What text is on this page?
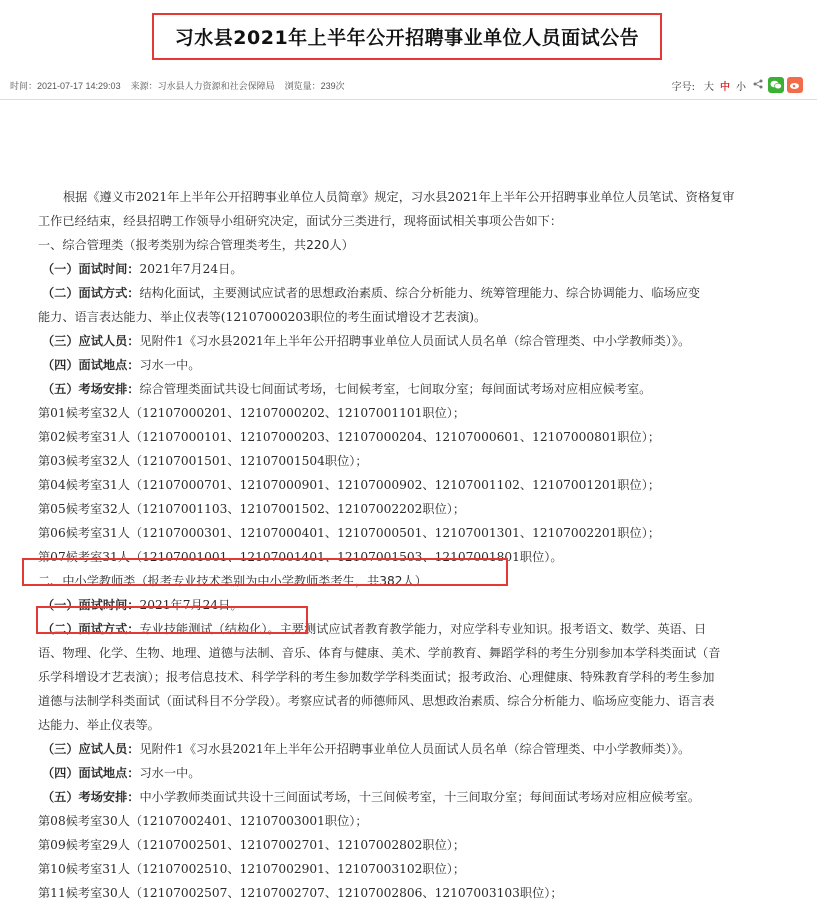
习水县2021年上半年公开招聘事业单位人员面试公告
时间：2021-07-17 14:29:03 来源：习水县人力资源和社会保障局 浏览量：239次	字号: 大 中 小
根据《遵义市2021年上半年公开招聘事业单位人员简章》规定，习水县2021年上半年公开招聘事业单位人员笔试、资格复审
工作已经结束，经县招聘工作领导小组研究决定，面试分三类进行，现将面试相关事项公告如下：
一、综合管理类（报考类别为综合管理类考生，共220人）
（一）面试时间：2021年7月24日。
（二）面试方式：结构化面试，主要测试应试者的思想政治素质、综合分析能力、统筹管理能力、综合协调能力、临场应变
能力、语言表达能力、举止仪表等(12107000203职位的考生面试增设才艺表演)。
（三）应试人员：见附件1《习水县2021年上半年公开招聘事业单位人员面试人员名单（综合管理类、中小学教师类）》。
（四）面试地点：习水一中。
（五）考场安排：综合管理类面试共设七间面试考场，七间候考室，七间取分室；每间面试考场对应相应候考室。
第01候考室32人（12107000201、12107000202、12107001101职位）；
第02候考室31人（12107000101、12107000203、12107000204、12107000601、12107000801职位）；
第03候考室32人（12107001501、12107001504职位）；
第04候考室31人（12107000701、12107000901、12107000902、12107001102、12107001201职位）；
第05候考室32人（12107001103、12107001502、12107002202职位）；
第06候考室31人（12107000301、12107000401、12107000501、12107001301、12107002201职位）；
第07候考室31人（12107001001、12107001401、12107001503、12107001801职位）。
二、中小学教师类（报考专业技术类别为中小学教师类考生，共382人）
（一）面试时间：2021年7月24日。
（二）面试方式：专业技能测试（结构化）。主要测试应试者教育教学能力，对应学科专业知识。报考语文、数学、英语、日
语、物理、化学、生物、地理、道德与法制、音乐、体育与健康、美术、学前教育、舞蹈学科的考生分别参加本学科类面试（音
乐学科增设才艺表演）；报考信息技术、科学学科的考生参加数学学科类面试；报考政治、心理健康、特殊教育学科的考生参加
道德与法制学科类面试（面试科目不分学段）。考察应试者的师德师风、思想政治素质、综合分析能力、临场应变能力、语言表
达能力、举止仪表等。
（三）应试人员：见附件1《习水县2021年上半年公开招聘事业单位人员面试人员名单（综合管理类、中小学教师类）》。
（四）面试地点：习水一中。
（五）考场安排：中小学教师类面试共设十三间面试考场，十三间候考室，十三间取分室；每间面试考场对应相应候考室。
第08候考室30人（12107002401、12107003001职位）；
第09候考室29人（12107002501、12107002701、12107002802职位）；
第10候考室31人（12107002510、12107002901、12107003102职位）；
第11候考室30人（12107002507、12107002707、12107002806、12107003103职位）；
